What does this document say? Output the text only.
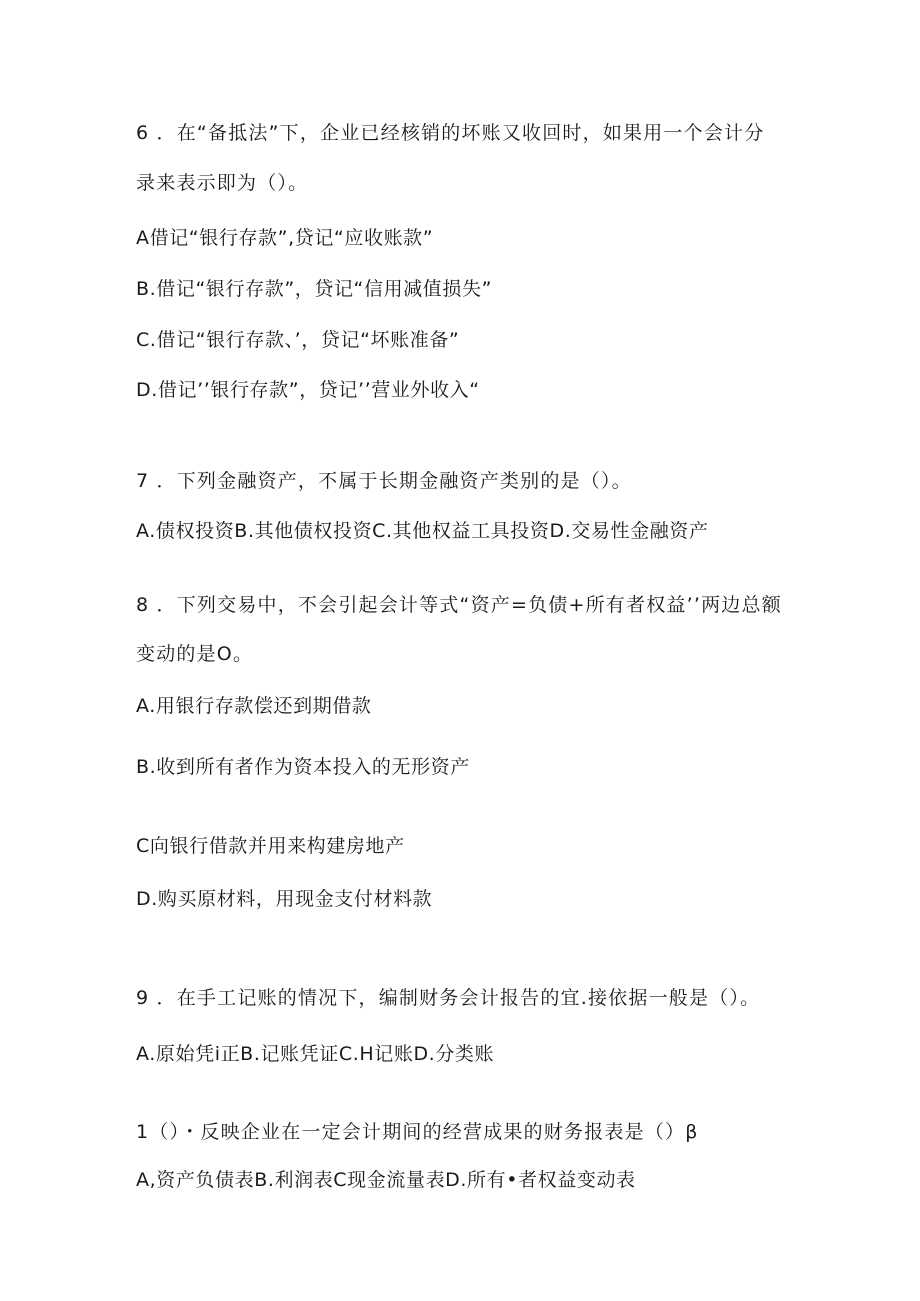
6 ．在“备抵法”下，企业已经核销的坏账又收回时，如果用一个会计分
录来表示即为（）。
A借记“银行存款”,贷记“应收账款”
B.借记“银行存款”，贷记“信用减值损失”
C.借记“银行存款、’，贷记“坏账准备”
D.借记’’银行存款”，贷记’’营业外收入“
7 ．下列金融资产，不属于长期金融资产类别的是（）。
A.债权投资B.其他债权投资C.其他权益工具投资D.交易性金融资产
8 ．下列交易中，不会引起会计等式“资产=负债+所有者权益’’两边总额
变动的是O。
A.用银行存款偿还到期借款
B.收到所有者作为资本投入的无形资产
C向银行借款并用来构建房地产
D.购买原材料，用现金支付材料款
9 ．在手工记账的情况下，编制财务会计报告的宜.接依据一般是（）。
A.原始凭i正B.记账凭证C.H记账D.分类账
1（）・反映企业在一定会计期间的经营成果的财务报表是（）β
A,资产负债表B.利润表C现金流量表D.所有•者权益变动表
